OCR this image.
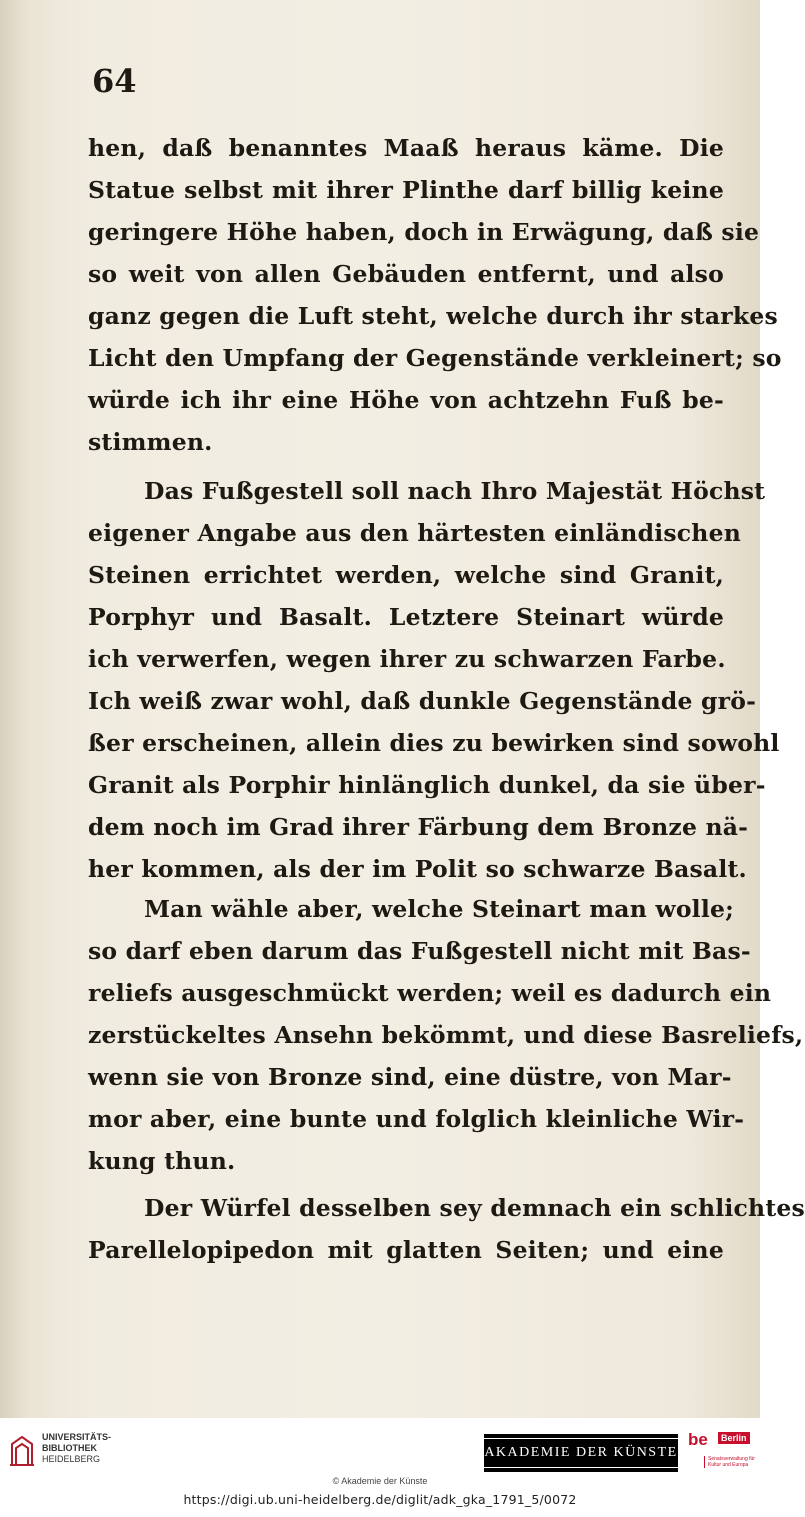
64
hen, daß benanntes Maaß heraus käme. Die
Statue selbst mit ihrer Plinthe darf billig keine
geringere Höhe haben, doch in Erwägung, daß sie
so weit von allen Gebäuden entfernt, und also
ganz gegen die Luft steht, welche durch ihr starkes
Licht den Umpfang der Gegenstände verkleinert; so
würde ich ihr eine Höhe von achtzehn Fuß be-
stimmen.
Das Fußgestell soll nach Ihro Majestät Höchst
eigener Angabe aus den härtesten einländischen
Steinen errichtet werden, welche sind Granit,
Porphyr und Basalt. Letztere Steinart würde
ich verwerfen, wegen ihrer zu schwarzen Farbe.
Ich weiß zwar wohl, daß dunkle Gegenstände grö-
ßer erscheinen, allein dies zu bewirken sind sowohl
Granit als Porphir hinlänglich dunkel, da sie über-
dem noch im Grad ihrer Färbung dem Bronze nä-
her kommen, als der im Polit so schwarze Basalt.
Man wähle aber, welche Steinart man wolle;
so darf eben darum das Fußgestell nicht mit Bas-
reliefs ausgeschmückt werden; weil es dadurch ein
zerstückeltes Ansehn bekömmt, und diese Basreliefs,
wenn sie von Bronze sind, eine düstre, von Mar-
mor aber, eine bunte und folglich kleinliche Wir-
kung thun.
Der Würfel desselben sey demnach ein schlichtes
Parellelopipedon mit glatten Seiten; und eine
UNIVERSITÄTS-
BIBLIOTHEK
HEIDELBERG	AKADEMIE DER KÜNSTE
be	Berlin
Senatsverwaltung für Kultur und Europa
© Akademie der Künste
https://digi.ub.uni-heidelberg.de/diglit/adk_gka_1791_5/0072
